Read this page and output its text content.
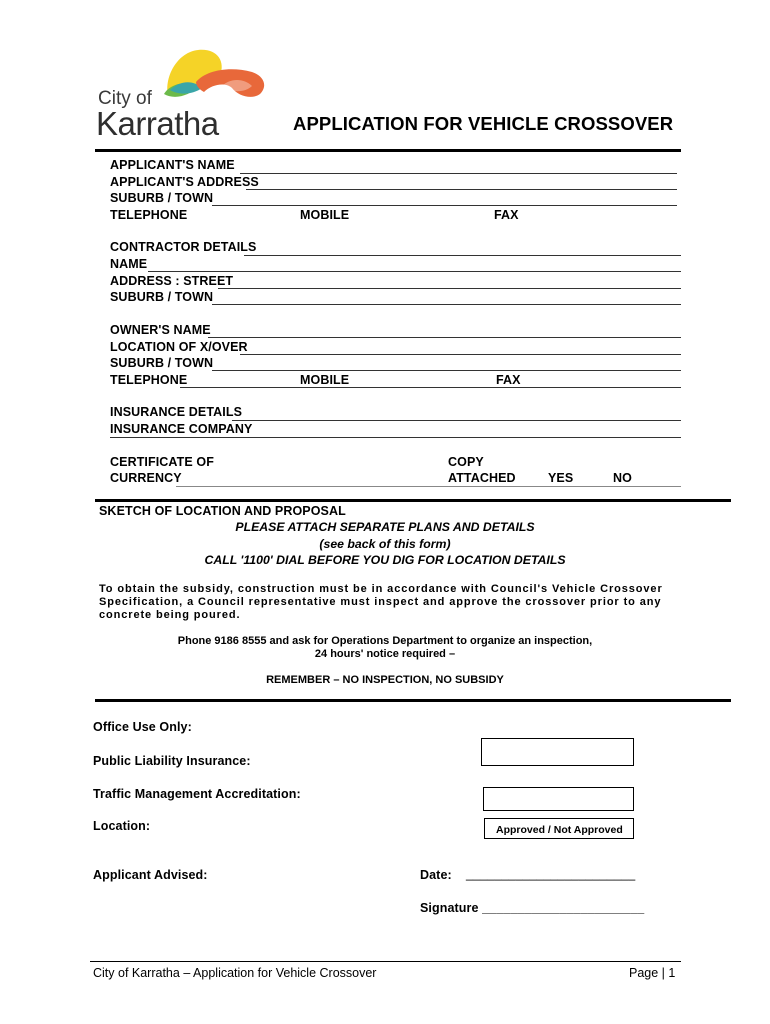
City of
Karratha	APPLICATION FOR VEHICLE CROSSOVER
APPLICANT'S NAME
APPLICANT'S ADDRESS
SUBURB / TOWN
TELEPHONE	MOBILE	FAX
CONTRACTOR DETAILS
NAME
ADDRESS : STREET
SUBURB / TOWN
OWNER'S NAME
LOCATION OF X/OVER
SUBURB / TOWN
TELEPHONE	MOBILE	FAX
INSURANCE DETAILS
INSURANCE COMPANY
CERTIFICATE OF
CURRENCY
COPY
ATTACHED	YES	NO
SKETCH OF LOCATION AND PROPOSAL
PLEASE ATTACH SEPARATE PLANS AND DETAILS
(see back of this form)
CALL '1100' DIAL BEFORE YOU DIG FOR LOCATION DETAILS
To obtain the subsidy, construction must be in accordance with Council's Vehicle Crossover
Specification, a Council representative must inspect and approve the crossover prior to any
concrete being poured.
Phone 9186 8555 and ask for Operations Department to organize an inspection,
24 hours' notice required –
REMEMBER – NO INSPECTION, NO SUBSIDY
Office Use Only:
Public Liability Insurance:
Traffic Management Accreditation:
Location:	Approved / Not Approved
Applicant Advised:	Date: ________________________
Signature _______________________
City of Karratha – Application for Vehicle Crossover	Page | 1
